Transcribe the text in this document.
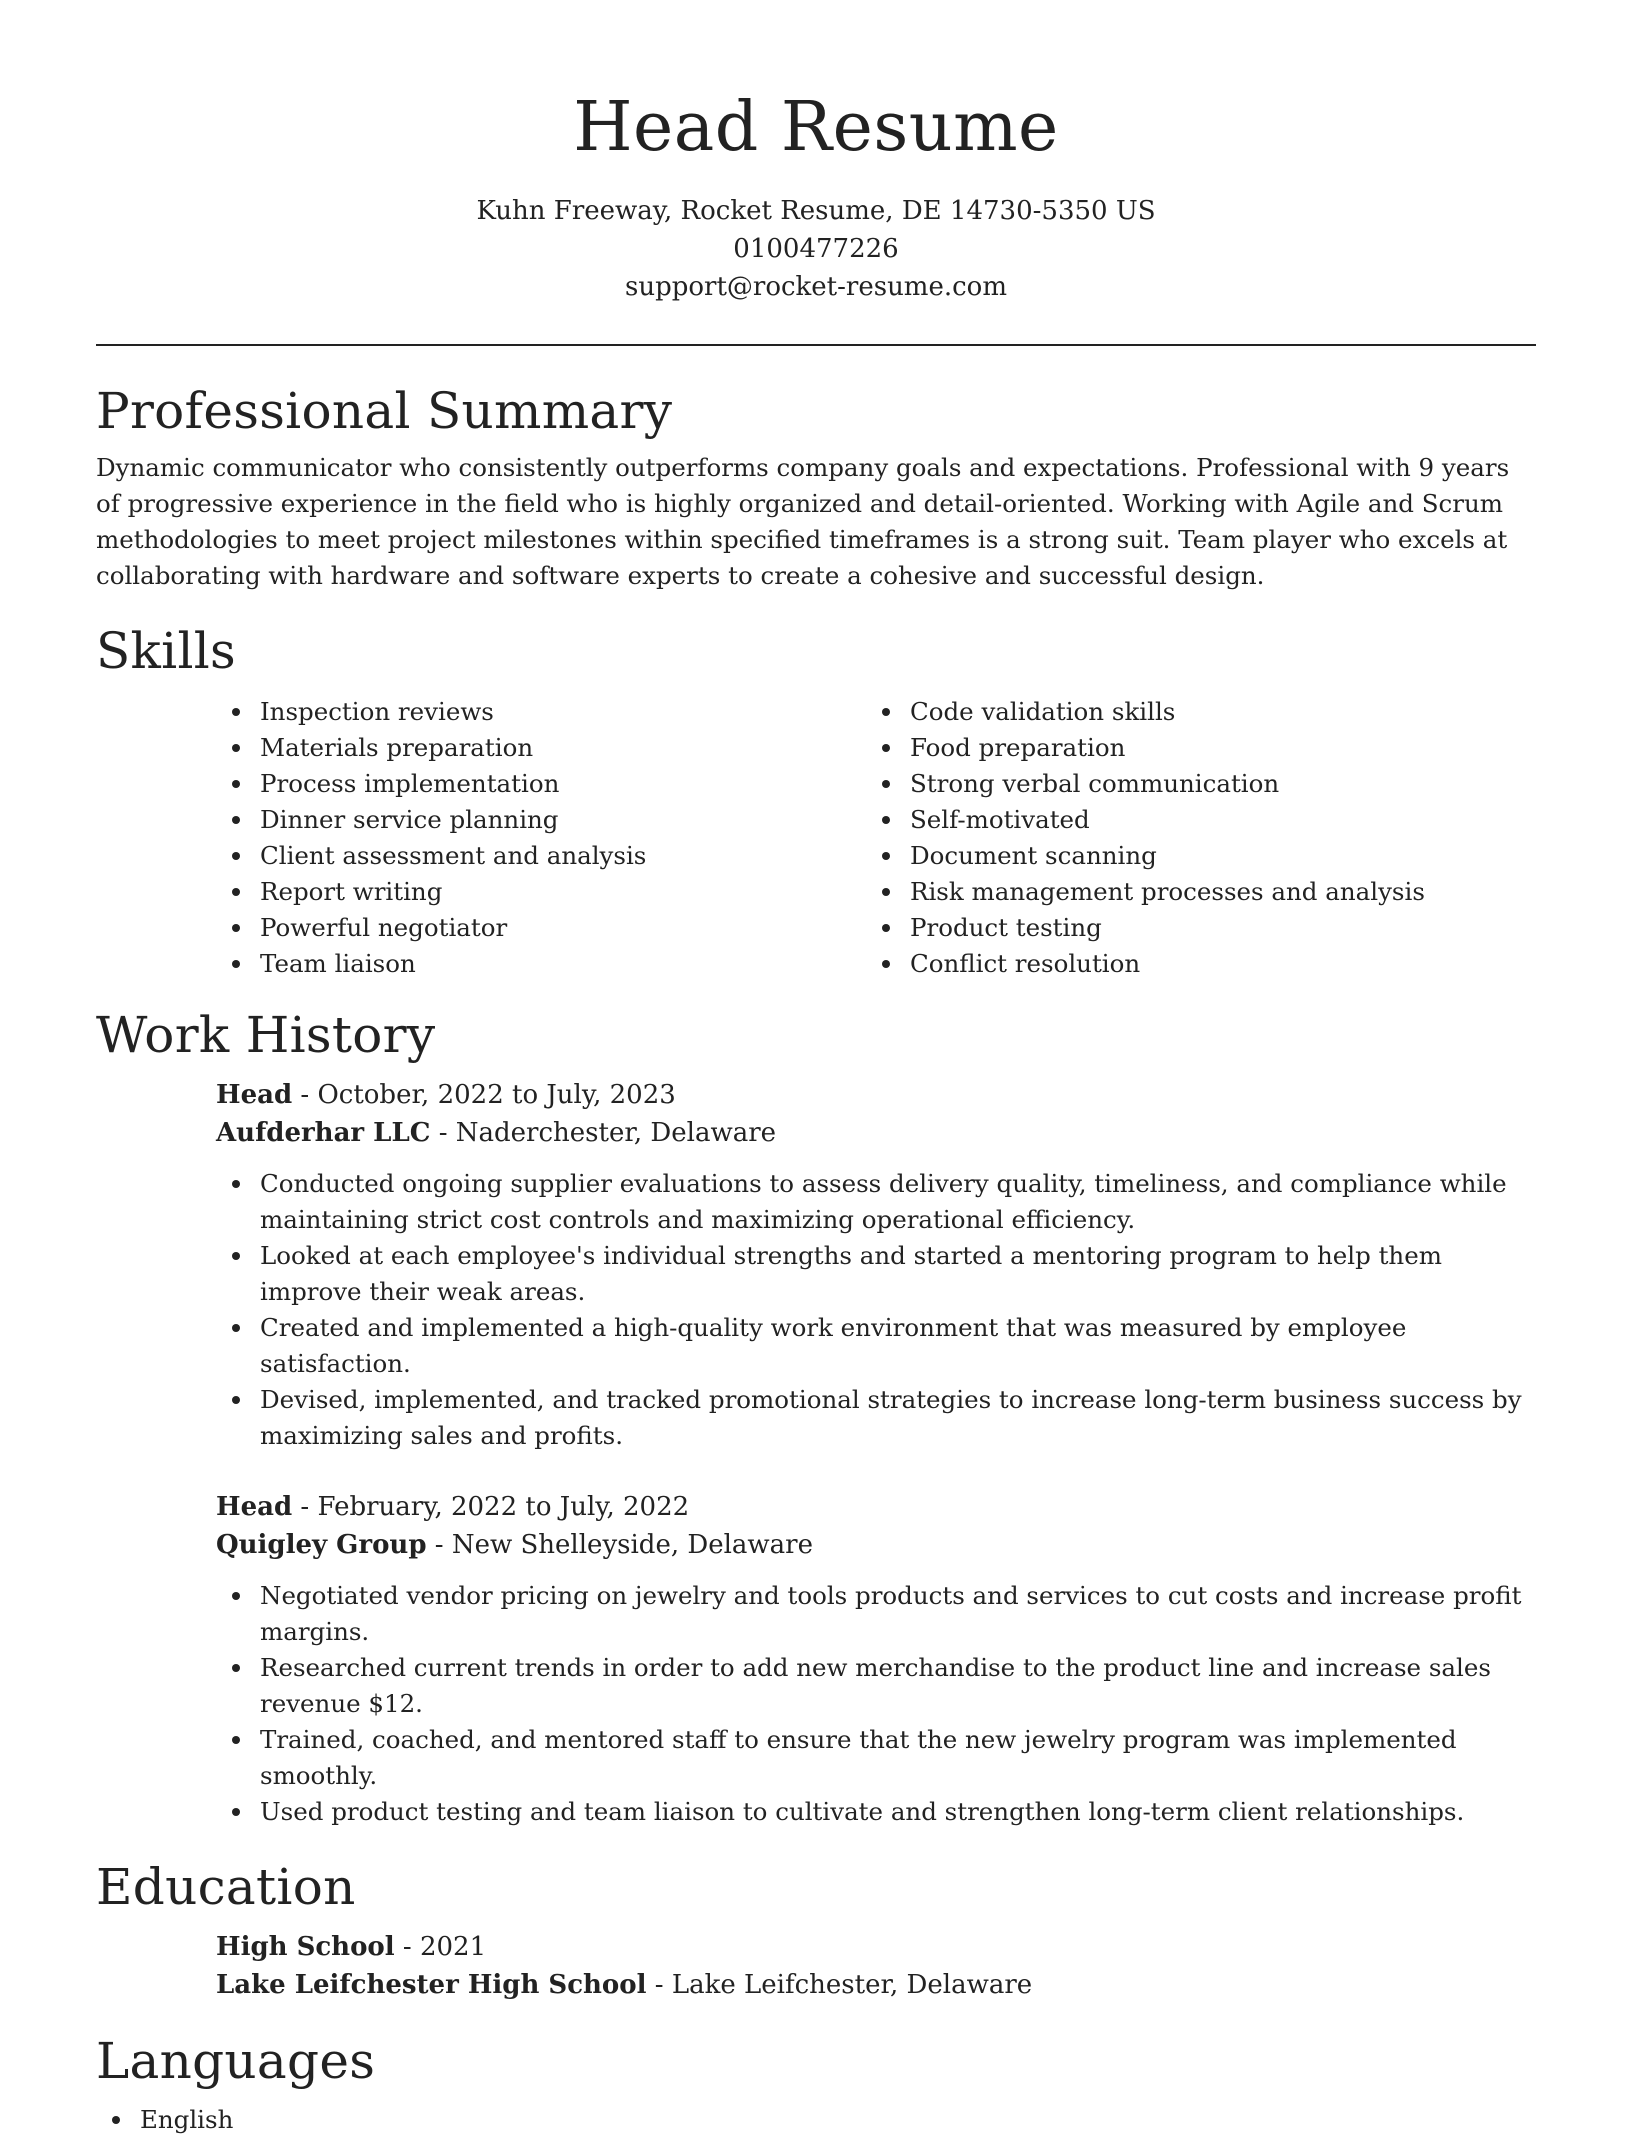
Head Resume
Kuhn Freeway, Rocket Resume, DE 14730-5350 US
0100477226
support@rocket-resume.com
Professional Summary

Dynamic communicator who consistently outperforms company goals and expectations. Professional with 9 years of progressive experience in the field who is highly organized and detail-oriented. Working with Agile and Scrum methodologies to meet project milestones within specified timeframes is a strong suit. Team player who excels at collaborating with hardware and software experts to create a cohesive and successful design.

Skills
Inspection reviews
Materials preparation
Process implementation
Dinner service planning
Client assessment and analysis
Report writing
Powerful negotiator
Team liaison
Code validation skills
Food preparation
Strong verbal communication
Self-motivated
Document scanning
Risk management processes and analysis
Product testing
Conflict resolution
Work History
Head - October, 2022 to July, 2023
Aufderhar LLC - Naderchester, Delaware
Conducted ongoing supplier evaluations to assess delivery quality, timeliness, and compliance while maintaining strict cost controls and maximizing operational efficiency.
Looked at each employee's individual strengths and started a mentoring program to help them improve their weak areas.
Created and implemented a high-quality work environment that was measured by employee satisfaction.
Devised, implemented, and tracked promotional strategies to increase long-term business success by maximizing sales and profits.
Head - February, 2022 to July, 2022
Quigley Group - New Shelleyside, Delaware
Negotiated vendor pricing on jewelry and tools products and services to cut costs and increase profit margins.
Researched current trends in order to add new merchandise to the product line and increase sales revenue $12.
Trained, coached, and mentored staff to ensure that the new jewelry program was implemented smoothly.
Used product testing and team liaison to cultivate and strengthen long-term client relationships.
Education
High School - 2021
Lake Leifchester High School - Lake Leifchester, Delaware
Languages
English
